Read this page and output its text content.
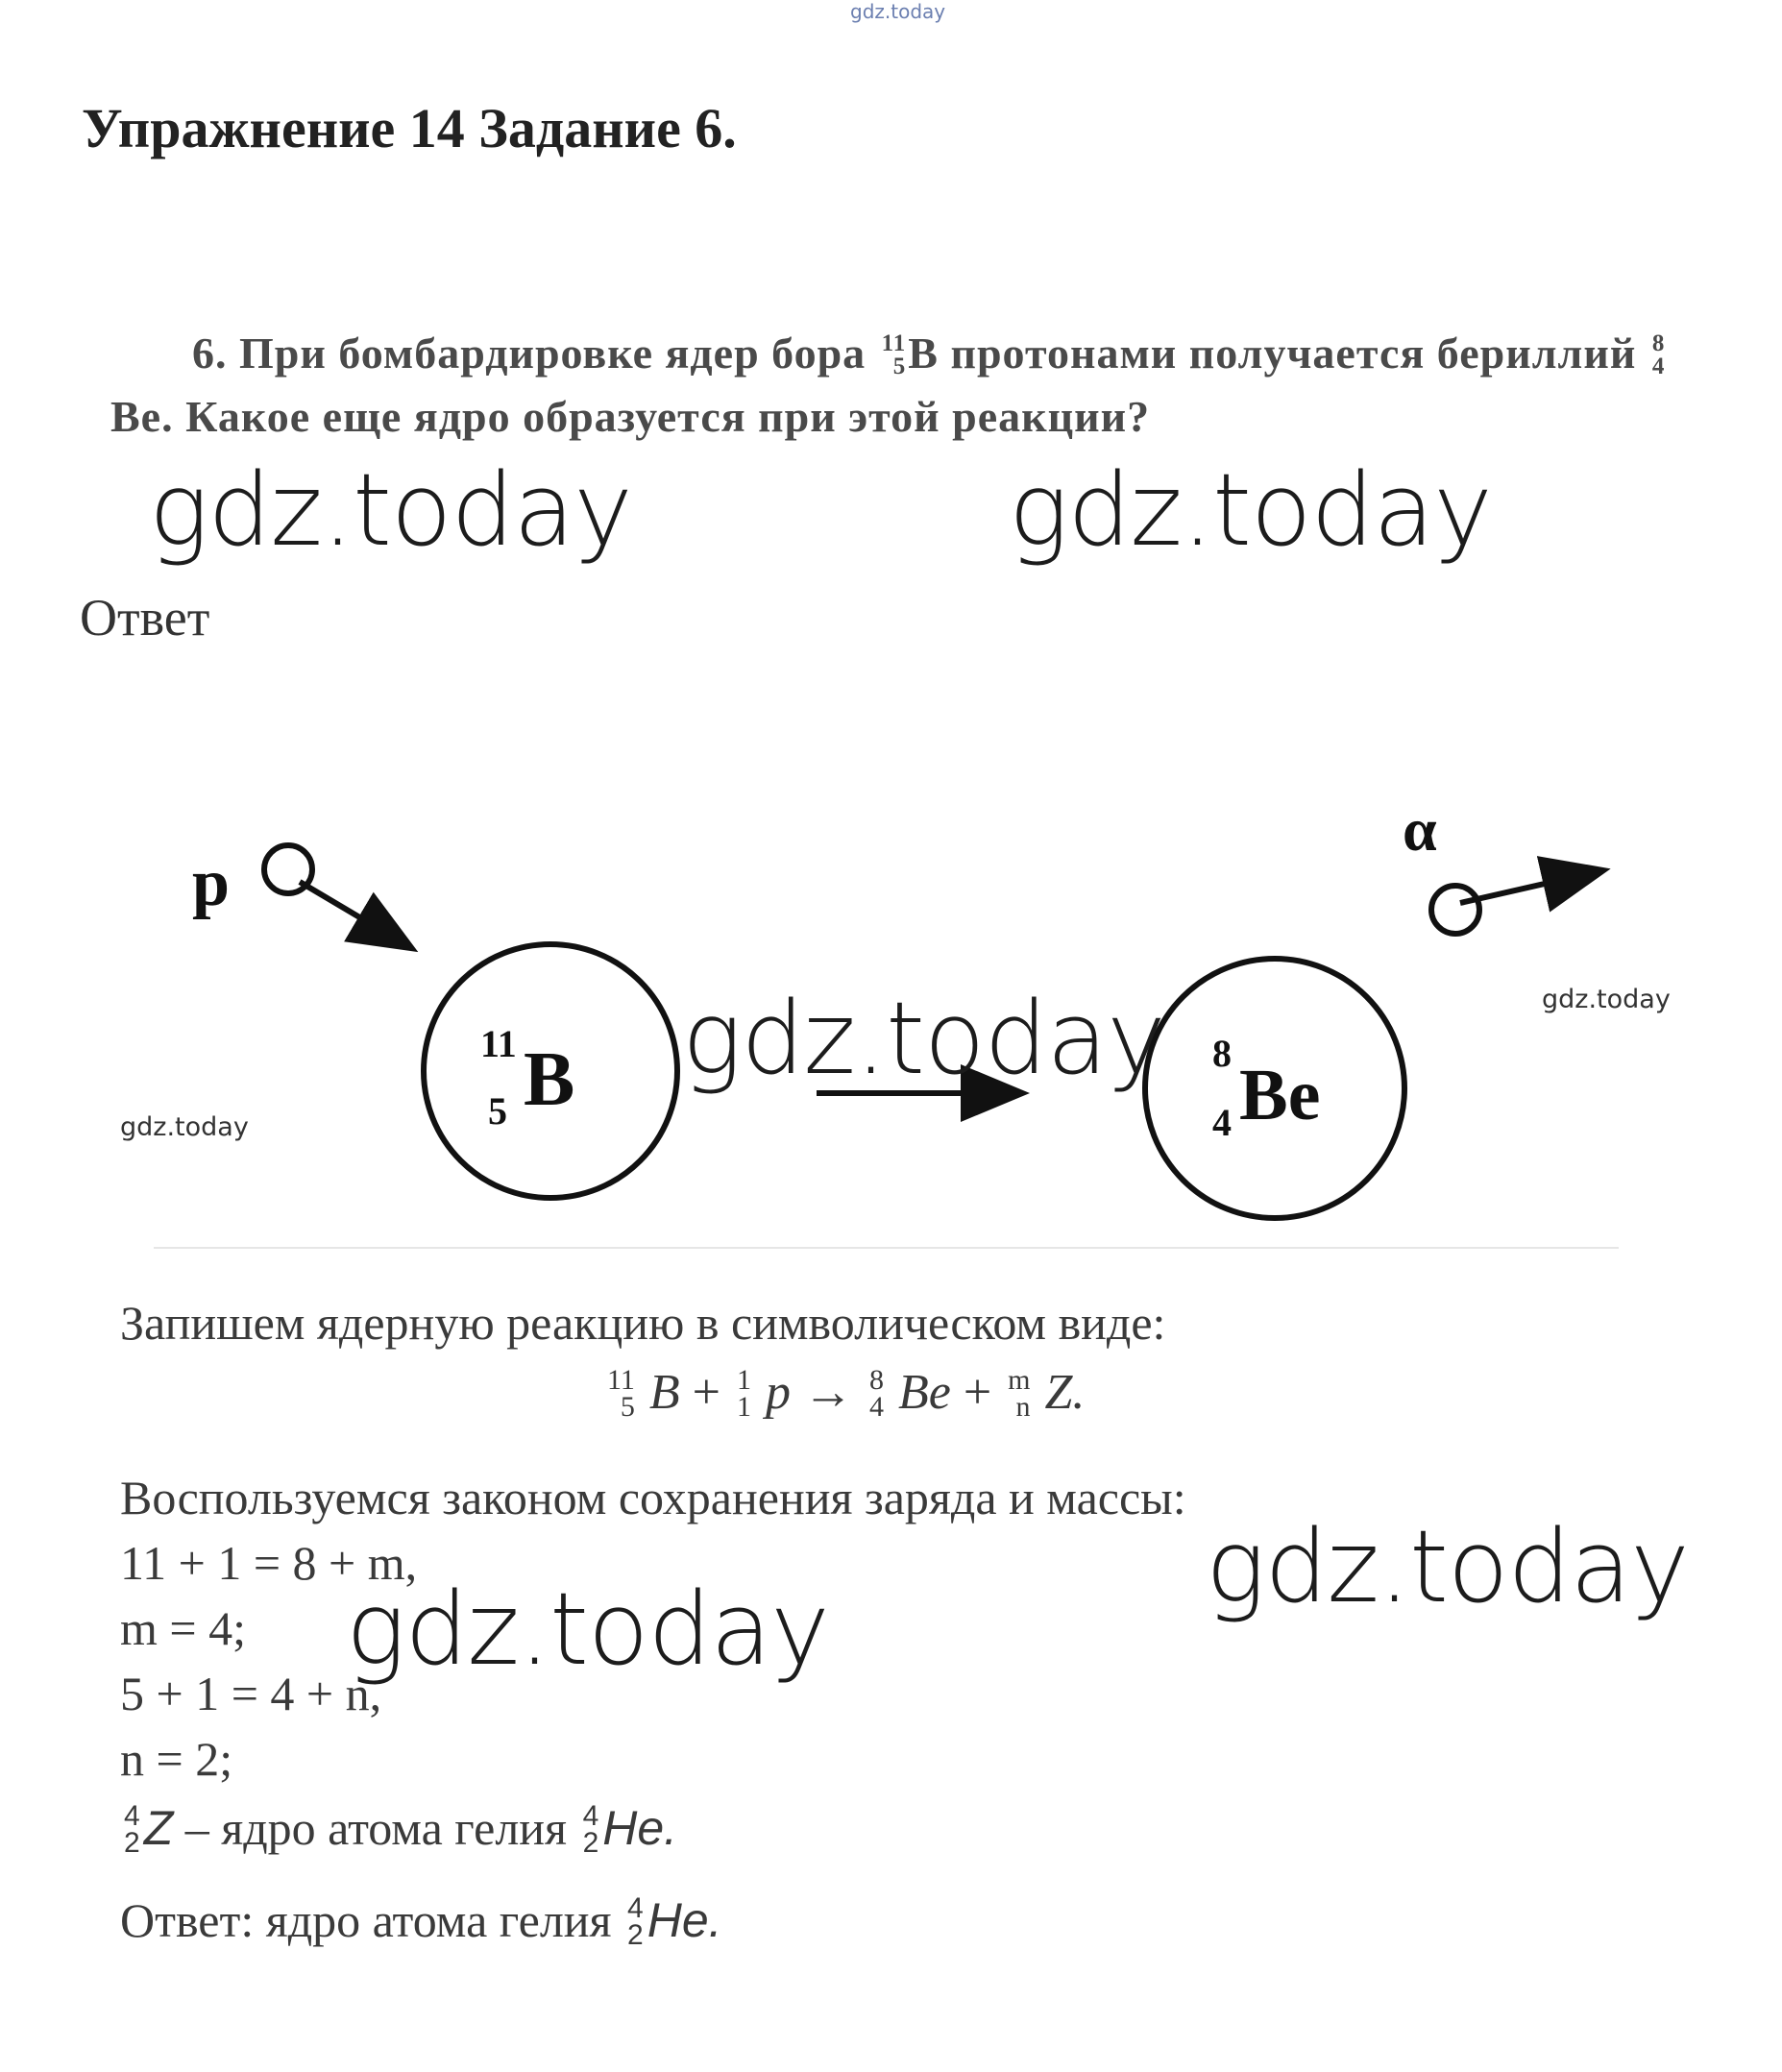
gdz.today
Упражнение 14 Задание 6.
6. При бомбардировке ядер бора 11
5 B протонами получается бериллий 8
4
Be. Какое еще ядро образуется при этой реакции?
gdz.today	gdz.today
Ответ
p
11
5 B	8
4 Be
α
gdz.today	gdz.today
gdz.today
Запишем ядерную реакцию в символическом виде:
11
5 B + 1
1 p → 8
4 Be + m
n Z.
Воспользуемся законом сохранения заряда и массы:
11 + 1 = 8 + m,
m = 4;
5 + 1 = 4 + n,
n = 2;
4
2 Z – ядро атома гелия 4
2 He.
Ответ: ядро атома гелия 4
2 He.
gdz.today
gdz.today
